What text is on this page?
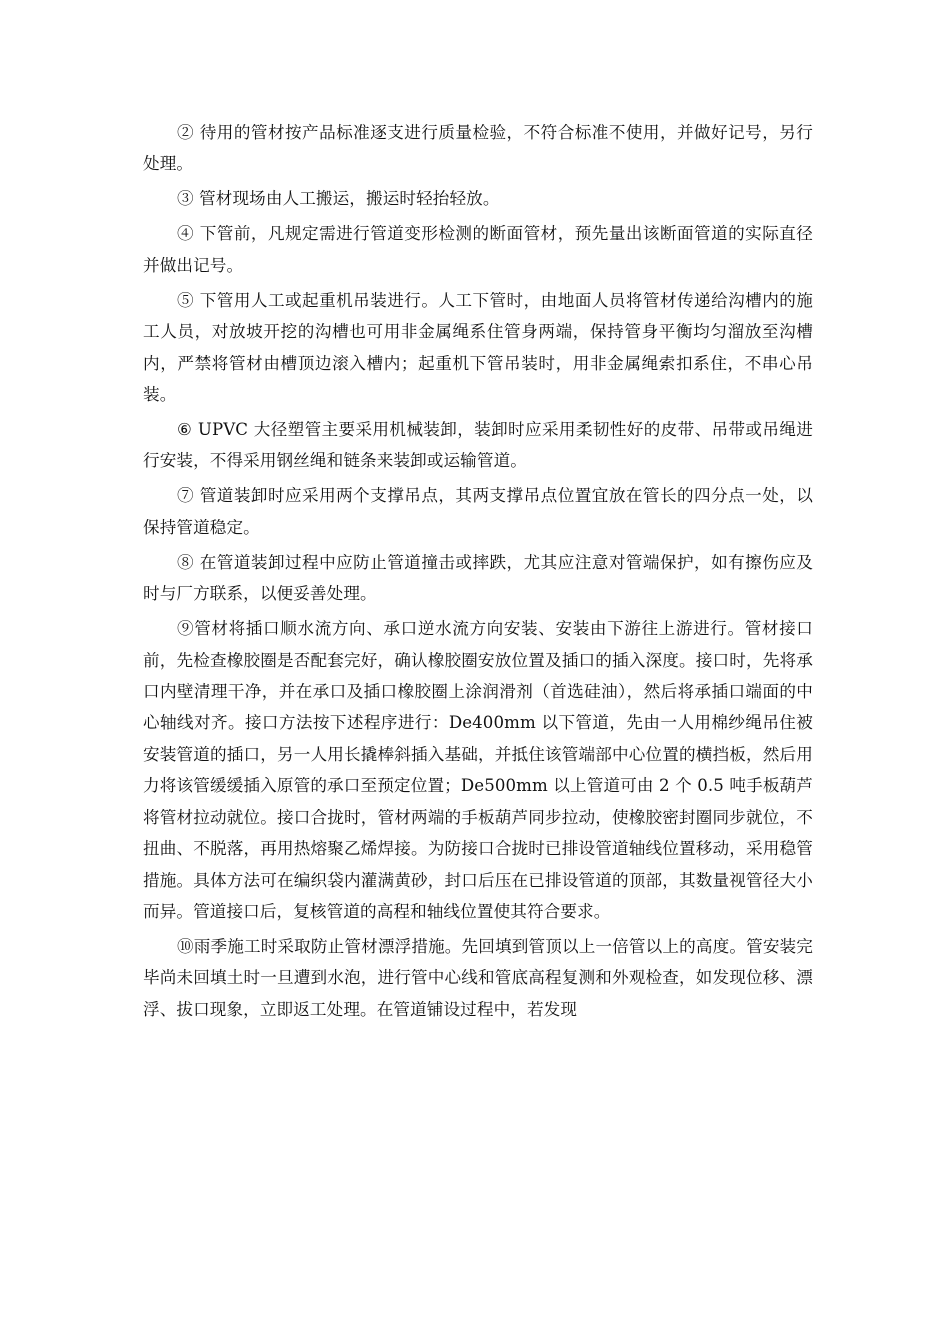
② 待用的管材按产品标准逐支进行质量检验，不符合标准不使用，并做好记号，另行处理。

③ 管材现场由人工搬运，搬运时轻抬轻放。

④ 下管前，凡规定需进行管道变形检测的断面管材，预先量出该断面管道的实际直径并做出记号。

⑤ 下管用人工或起重机吊装进行。人工下管时，由地面人员将管材传递给沟槽内的施工人员，对放坡开挖的沟槽也可用非金属绳系住管身两端，保持管身平衡均匀溜放至沟槽内，严禁将管材由槽顶边滚入槽内；起重机下管吊装时，用非金属绳索扣系住，不串心吊装。

⑥ UPVC 大径塑管主要采用机械装卸，装卸时应采用柔韧性好的皮带、吊带或吊绳进行安装，不得采用钢丝绳和链条来装卸或运输管道。

⑦ 管道装卸时应采用两个支撑吊点，其两支撑吊点位置宜放在管长的四分点一处，以保持管道稳定。

⑧ 在管道装卸过程中应防止管道撞击或摔跌，尤其应注意对管端保护，如有擦伤应及时与厂方联系，以便妥善处理。

⑨管材将插口顺水流方向、承口逆水流方向安装、安装由下游往上游进行。管材接口前，先检查橡胶圈是否配套完好，确认橡胶圈安放位置及插口的插入深度。接口时，先将承口内壁清理干净，并在承口及插口橡胶圈上涂润滑剂（首选硅油），然后将承插口端面的中心轴线对齐。接口方法按下述程序进行：De400mm 以下管道，先由一人用棉纱绳吊住被安装管道的插口，另一人用长撬棒斜插入基础，并抵住该管端部中心位置的横挡板，然后用力将该管缓缓插入原管的承口至预定位置；De500mm 以上管道可由 2 个 0.5 吨手板葫芦将管材拉动就位。接口合拢时，管材两端的手板葫芦同步拉动，使橡胶密封圈同步就位，不扭曲、不脱落，再用热熔聚乙烯焊接。为防接口合拢时已排设管道轴线位置移动，采用稳管措施。具体方法可在编织袋内灌满黄砂，封口后压在已排设管道的顶部，其数量视管径大小而异。管道接口后，复核管道的高程和轴线位置使其符合要求。

⑩雨季施工时采取防止管材漂浮措施。先回填到管顶以上一倍管以上的高度。管安装完毕尚未回填土时一旦遭到水泡，进行管中心线和管底高程复测和外观检查，如发现位移、漂浮、拔口现象，立即返工处理。在管道铺设过程中，若发现
